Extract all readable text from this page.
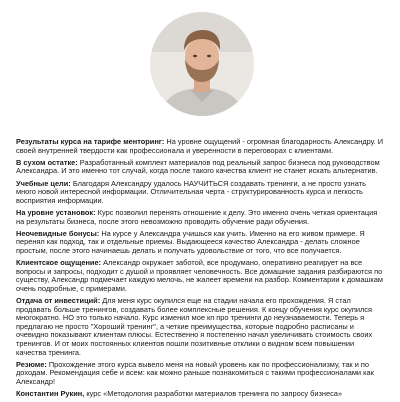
Результаты курса на тарифе менторинг: На уровне ощущений - огромная благодарность Александру. И своей внутренней твердости как профессионала и уверенности в переговорах с клиентами.

В сухом остатке: Разработанный комплект материалов под реальный запрос бизнеса под руководством Александра. И это именно тот случай, когда после такого качества клиент не станет искать альтернатив.

Учебные цели: Благодаря Александру удалось НАУЧИТЬСЯ создавать тренинги, а не просто узнать много новой интересной информации. Отличительная черта - структурированность курса и легкость восприятия информации.

На уровне установок: Курс позволил перенять отношение к делу. Это именно очень четкая ориентация на результаты бизнеса, после этого невозможно проводить обучение ради обучения.

Неочевидные бонусы: На курсе у Александра учишься как учить. Именно на его живом примере. Я перенял как подход, так и отдельные приемы. Выдающееся качество Александра - делать сложное простым, после этого начинаешь делать и получать удовольствие от того, что все получается.

Клиентское ощущение: Александр окружает заботой, все продумано, оперативно реагирует на все вопросы и запросы, подходит с душой и проявляет человечность. Все домашние задания разбираются по существу, Александр подмечает каждую мелочь, не жалеет времени на разбор. Комментарии к домашкам очень подробные, с примерами.

Отдача от инвестиций: Для меня курс окупился еще на стадии начала его прохождения. Я стал продавать больше тренингов, создавать более комплексные решения. К концу обучения курс окупился многократно. НО это только начало. Курс изменил мое кп про тренинги до неузнаваемости. Теперь я предлагаю не просто "Хороший тренинг", а четкие преимущества, которые подробно расписаны и очевидно показывают клиентам плюсы. Естественно я постепенно начал увеличивать стоимость своих тренингов. И от моих постоянных клиентов пошли позитивные отклики о видном всем повышении качества тренинга.

Резюме: Прохождение этого курса вывело меня на новый уровень как по профессионализму, так и по доходам. Рекомендация себе и всем: как можно раньше познакомиться с такими профессионалами как Александр!

Константин Рукин, курс «Методология разработки материалов тренинга по запросу бизнеса»
